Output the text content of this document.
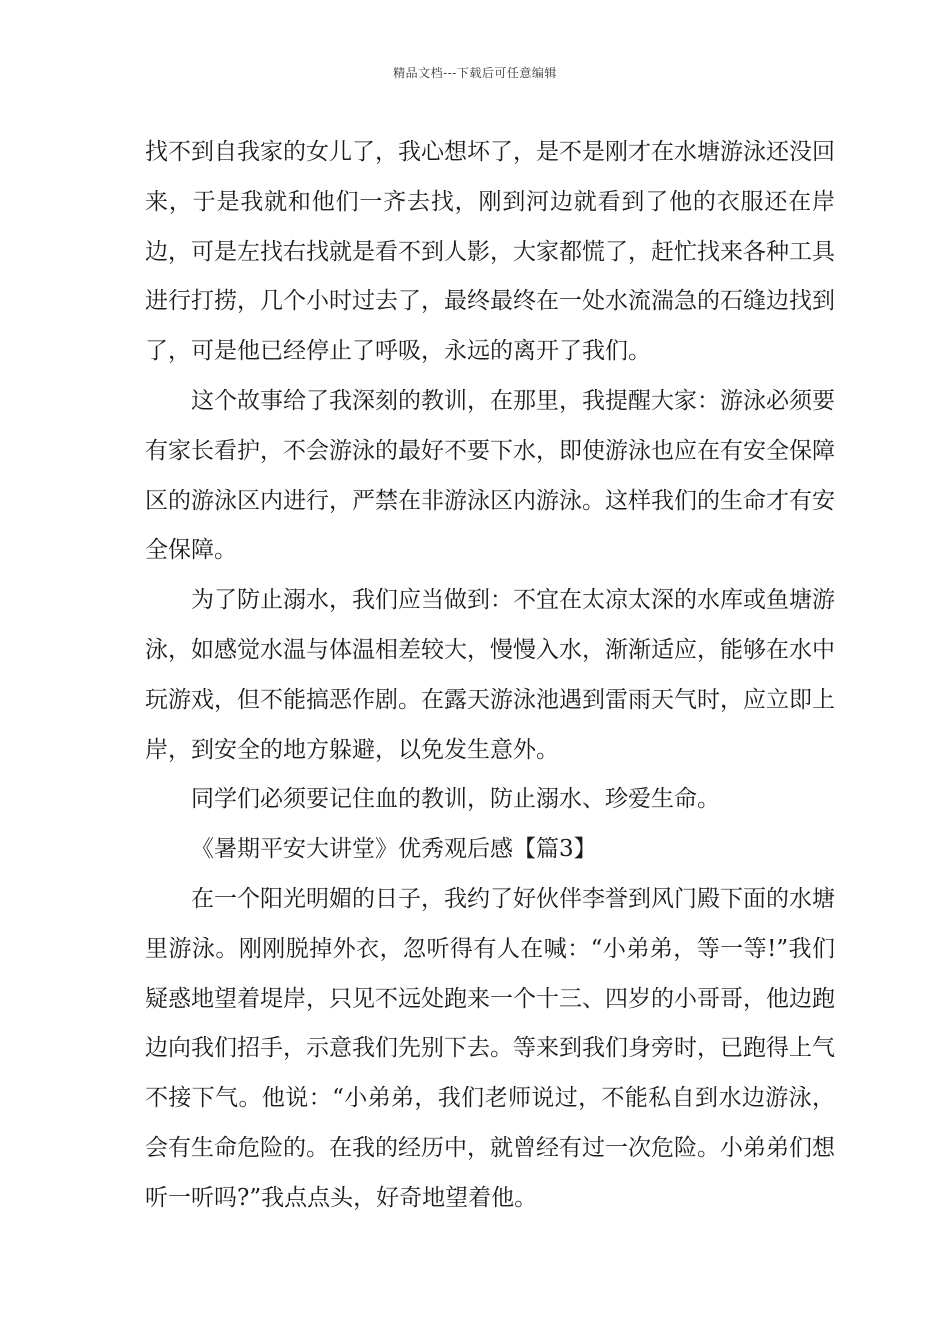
精品文档---下载后可任意编辑

找不到自我家的女儿了，我心想坏了，是不是刚才在水塘游泳还没回来，于是我就和他们一齐去找，刚到河边就看到了他的衣服还在岸边，可是左找右找就是看不到人影，大家都慌了，赶忙找来各种工具进行打捞，几个小时过去了，最终最终在一处水流湍急的石缝边找到了，可是他已经停止了呼吸，永远的离开了我们。

这个故事给了我深刻的教训，在那里，我提醒大家：游泳必须要有家长看护，不会游泳的最好不要下水，即使游泳也应在有安全保障区的游泳区内进行，严禁在非游泳区内游泳。这样我们的生命才有安全保障。

为了防止溺水，我们应当做到：不宜在太凉太深的水库或鱼塘游泳，如感觉水温与体温相差较大，慢慢入水，渐渐适应，能够在水中玩游戏，但不能搞恶作剧。在露天游泳池遇到雷雨天气时，应立即上岸，到安全的地方躲避，以免发生意外。

同学们必须要记住血的教训，防止溺水、珍爱生命。

《暑期平安大讲堂》优秀观后感【篇3】

在一个阳光明媚的日子，我约了好伙伴李誉到风门殿下面的水塘里游泳。刚刚脱掉外衣，忽听得有人在喊：“小弟弟，等一等!”我们疑惑地望着堤岸，只见不远处跑来一个十三、四岁的小哥哥，他边跑边向我们招手，示意我们先别下去。等来到我们身旁时，已跑得上气不接下气。他说：“小弟弟，我们老师说过，不能私自到水边游泳，会有生命危险的。在我的经历中，就曾经有过一次危险。小弟弟们想听一听吗?”我点点头，好奇地望着他。
